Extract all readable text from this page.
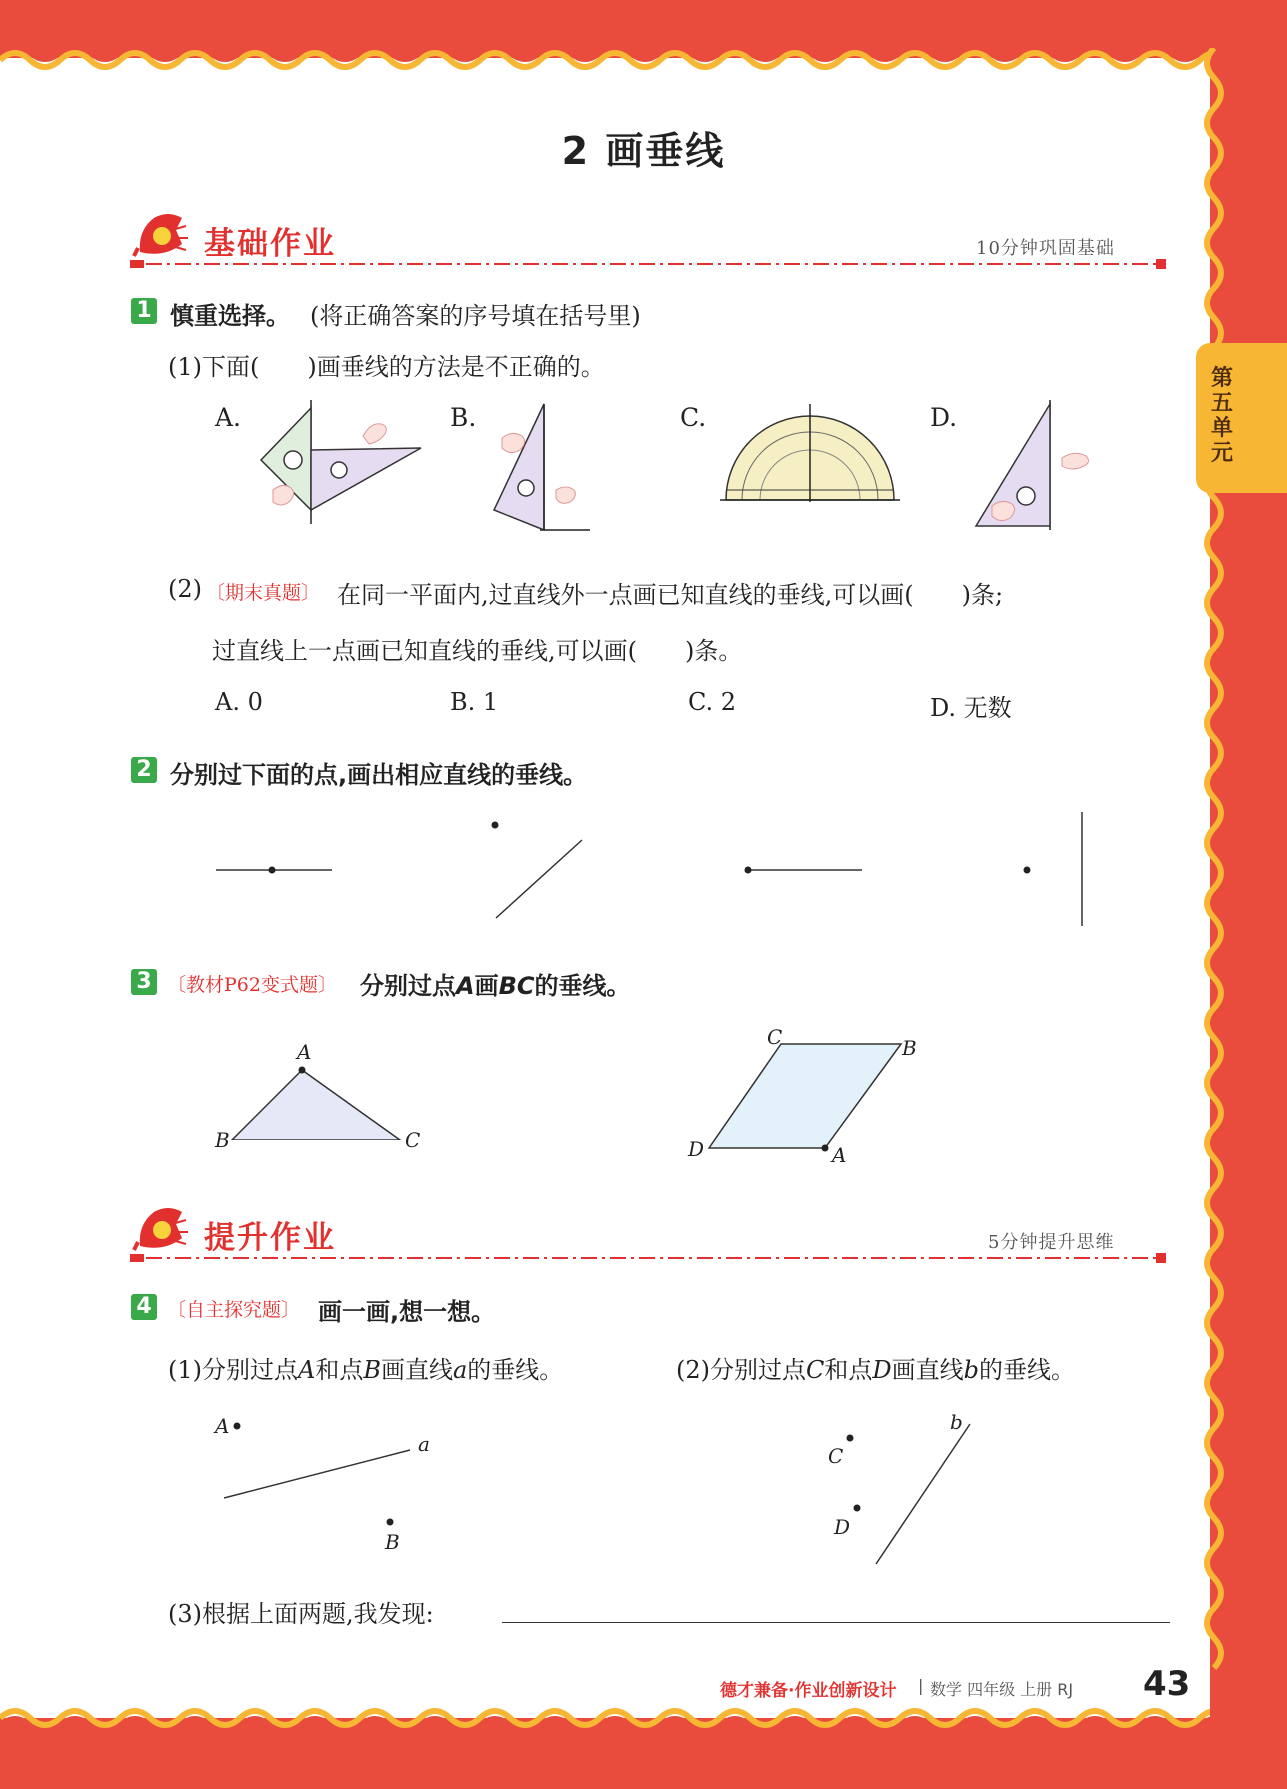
第五单元
2 画垂线
基础作业	10分钟巩固基础
1 慎重选择。 (将正确答案的序号填在括号里)
(1)下面(　　)画垂线的方法是不正确的。
A.	B.	C.	D.
(2) 〔期末真题〕 在同一平面内,过直线外一点画已知直线的垂线,可以画(　　)条;
过直线上一点画已知直线的垂线,可以画(　　)条。
A. 0	B. 1	C. 2	D. 无数
2 分别过下面的点,画出相应直线的垂线。
3 〔教材P62变式题〕 分别过点A画BC的垂线。
A
B	C
C	B
D	A
提升作业	5分钟提升思维
4 〔自主探究题〕 画一画,想一想。
(1)分别过点A和点B画直线a的垂线。	(2)分别过点C和点D画直线b的垂线。
A
a
B
C
D
b
(3)根据上面两题,我发现:
德才兼备·作业创新设计 | 数学 四年级 上册 RJ 43
